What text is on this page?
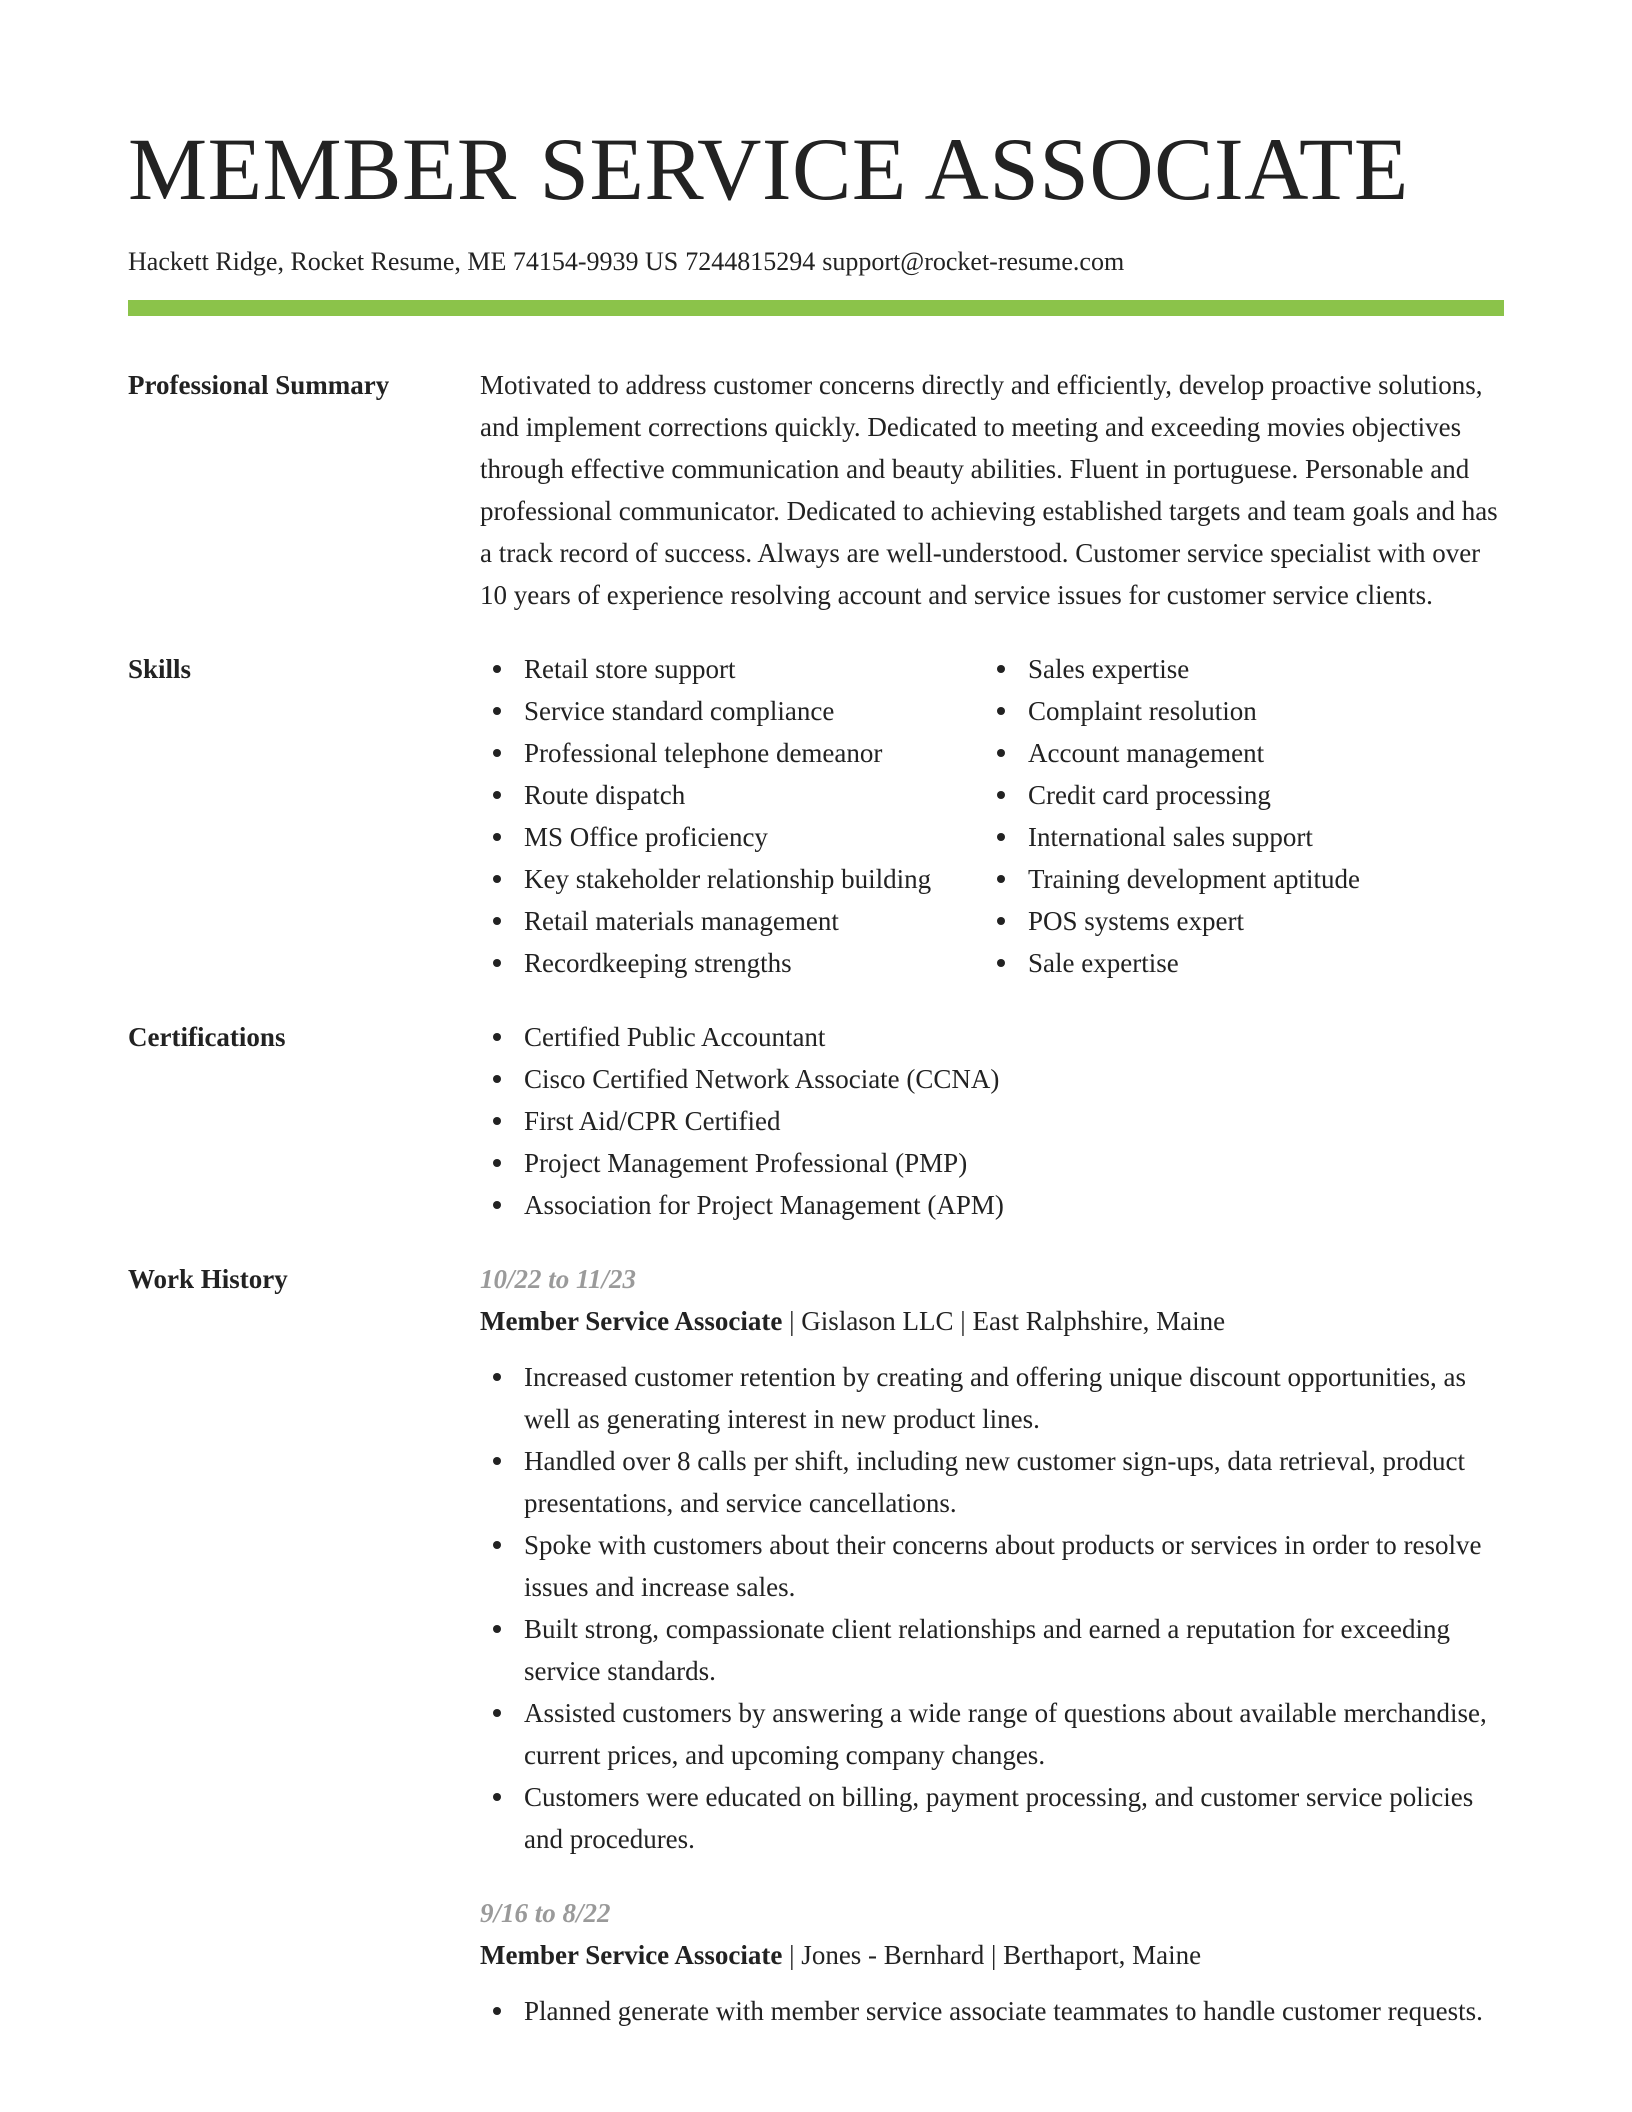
MEMBER SERVICE ASSOCIATE
Hackett Ridge, Rocket Resume, ME 74154-9939 US 7244815294 support@rocket-resume.com
Professional Summary	Motivated to address customer concerns directly and efficiently, develop proactive solutions, and implement corrections quickly. Dedicated to meeting and exceeding movies objectives through effective communication and beauty abilities. Fluent in portuguese. Personable and professional communicator. Dedicated to achieving established targets and team goals and has a track record of success. Always are well-understood. Customer service specialist with over 10 years of experience resolving account and service issues for customer service clients.
Skills	Retail store support
Service standard compliance
Professional telephone demeanor
Route dispatch
MS Office proficiency
Key stakeholder relationship building
Retail materials management
Recordkeeping strengths
Sales expertise
Complaint resolution
Account management
Credit card processing
International sales support
Training development aptitude
POS systems expert
Sale expertise
Certifications	Certified Public Accountant
Cisco Certified Network Associate (CCNA)
First Aid/CPR Certified
Project Management Professional (PMP)
Association for Project Management (APM)
Work History	10/22 to 11/23
Member Service Associate | Gislason LLC | East Ralphshire, Maine
Increased customer retention by creating and offering unique discount opportunities, as well as generating interest in new product lines.
Handled over 8 calls per shift, including new customer sign-ups, data retrieval, product presentations, and service cancellations.
Spoke with customers about their concerns about products or services in order to resolve issues and increase sales.
Built strong, compassionate client relationships and earned a reputation for exceeding service standards.
Assisted customers by answering a wide range of questions about available merchandise, current prices, and upcoming company changes.
Customers were educated on billing, payment processing, and customer service policies and procedures.
9/16 to 8/22
Member Service Associate | Jones - Bernhard | Berthaport, Maine
Planned generate with member service associate teammates to handle customer requests.
